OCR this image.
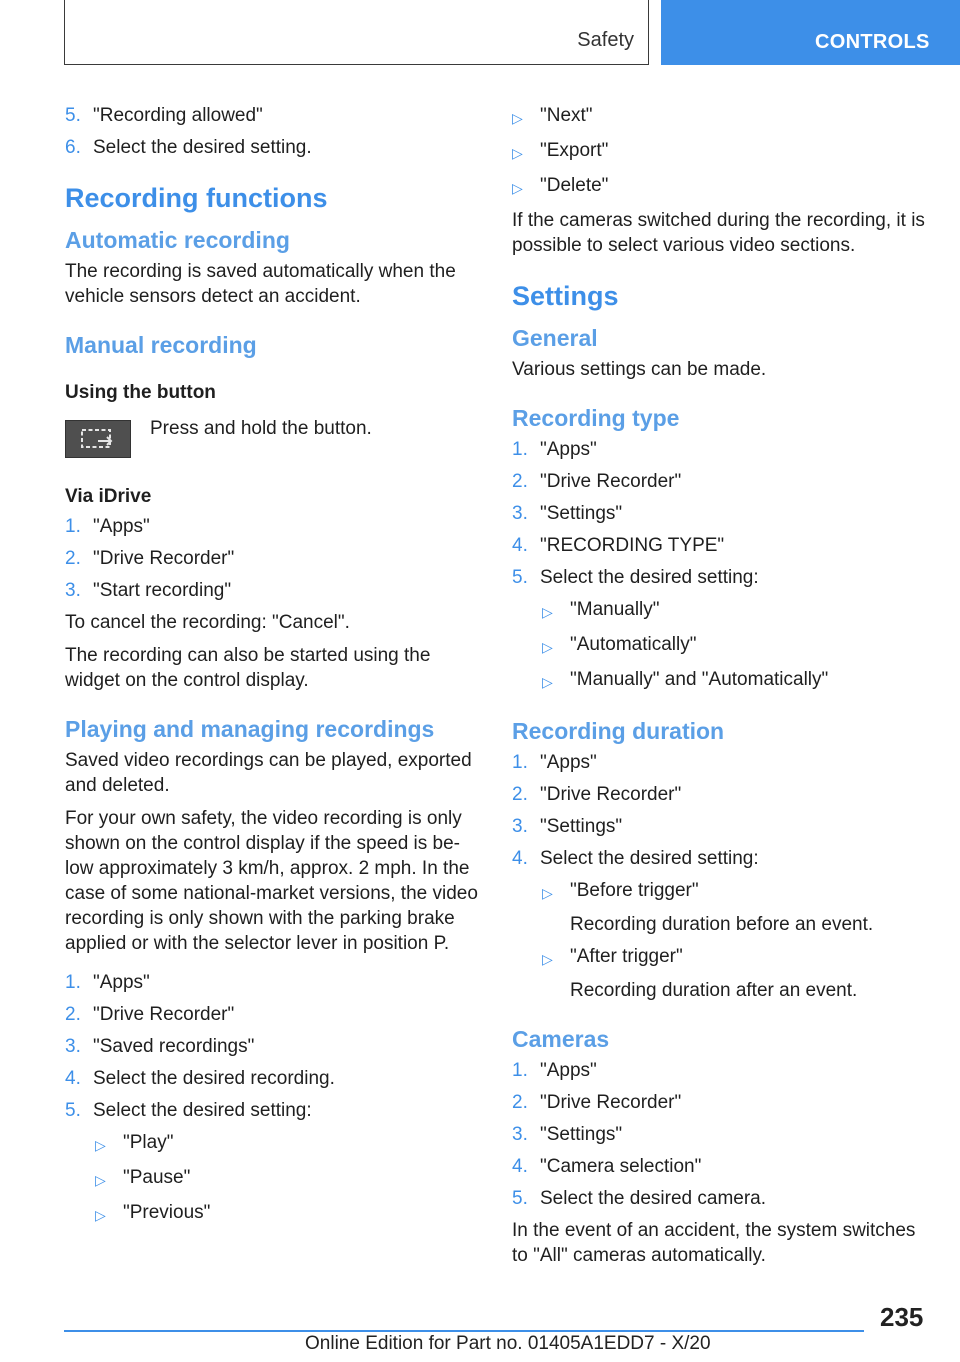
Safety	CONTROLS
5. "Recording allowed"
6. Select the desired setting.
Recording functions
Automatic recording

The recording is saved automatically when the vehicle sensors detect an accident.

Manual recording
Using the button

Press and hold the button.

Via iDrive
1. "Apps"
2. "Drive Recorder"
3. "Start recording"

To cancel the recording: "Cancel".

The recording can also be started using the widget on the control display.

Playing and managing recordings

Saved video recordings can be played, exported and deleted.

For your own safety, the video recording is only shown on the control display if the speed is be-low approximately 3 km/h, approx. 2 mph. In the case of some national-market versions, the video recording is only shown with the parking brake applied or with the selector lever in position P.

1. "Apps"
2. "Drive Recorder"
3. "Saved recordings"
4. Select the desired recording.
5. Select the desired setting:
▷ "Play"
▷ "Pause"
▷ "Previous"
▷ "Next"
▷ "Export"
▷ "Delete"

If the cameras switched during the recording, it is possible to select various video sections.

Settings
General

Various settings can be made.

Recording type
1. "Apps"
2. "Drive Recorder"
3. "Settings"
4. "RECORDING TYPE"
5. Select the desired setting:
▷ "Manually"
▷ "Automatically"
▷ "Manually" and "Automatically"
Recording duration
1. "Apps"
2. "Drive Recorder"
3. "Settings"
4. Select the desired setting:
▷ "Before trigger"
Recording duration before an event.
▷ "After trigger"
Recording duration after an event.
Cameras
1. "Apps"
2. "Drive Recorder"
3. "Settings"
4. "Camera selection"
5. Select the desired camera.

In the event of an accident, the system switches to "All" cameras automatically.

235
Online Edition for Part no. 01405A1EDD7 - X/20
